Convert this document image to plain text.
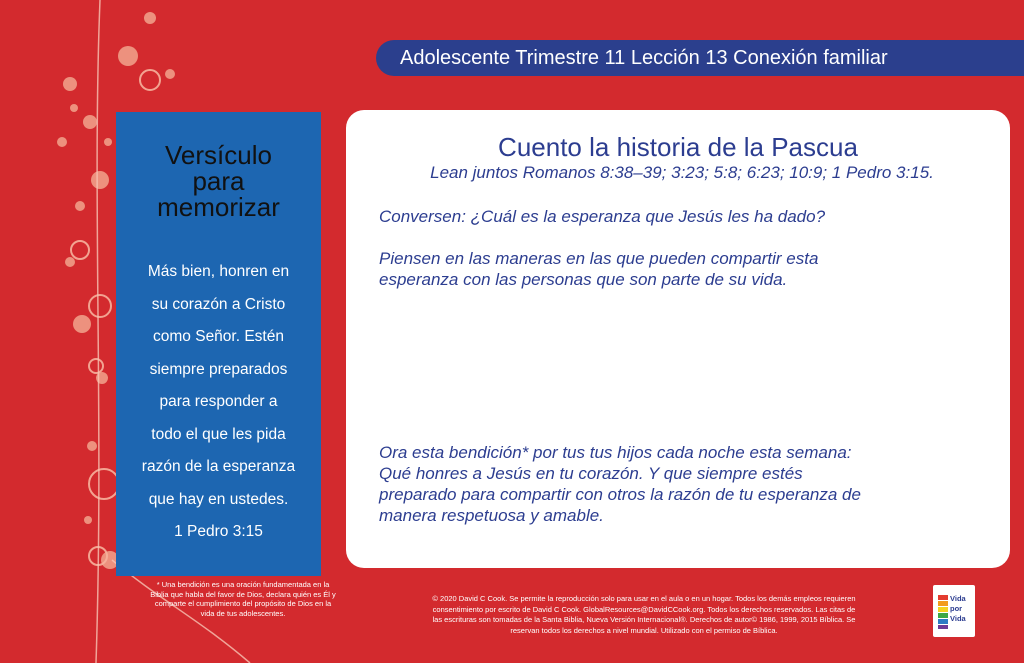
Adolescente Trimestre 11 Lección 13 Conexión familiar
Versículo
para
memorizar
Más bien, honren en
su corazón a Cristo
como Señor. Estén
siempre preparados
para responder a
todo el que les pida
razón de la esperanza
que hay en ustedes.
1 Pedro 3:15
Cuento la historia de la Pascua
Lean juntos Romanos 8:38–39; 3:23; 5:8; 6:23; 10:9; 1 Pedro 3:15.
Conversen: ¿Cuál es la esperanza que Jesús les ha dado?
Piensen en las maneras en las que pueden compartir esta
esperanza con las personas que son parte de su vida.
Ora esta bendición* por tus tus hijos cada noche esta semana:
Qué honres a Jesús en tu corazón. Y que siempre estés
preparado para compartir con otros la razón de tu esperanza de
manera respetuosa y amable.
* Una bendición es una oración fundamentada en la
Biblia que habla del favor de Dios, declara quién es Él y
comparte el cumplimiento del propósito de Dios en la
vida de tus adolescentes.
© 2020 David C Cook. Se permite la reproducción solo para usar en el aula o en un hogar. Todos los demás empleos requieren
consentimiento por escrito de David C Cook. GlobalResources@DavidCCook.org. Todos los derechos reservados. Las citas de
las escrituras son tomadas de la Santa Biblia, Nueva Versión Internacional®. Derechos de autor© 1986, 1999, 2015 Bíblica. Se
reservan todos los derechos a nivel mundial. Utilizado con el permiso de Bíblica.
Vida
por
Vida
